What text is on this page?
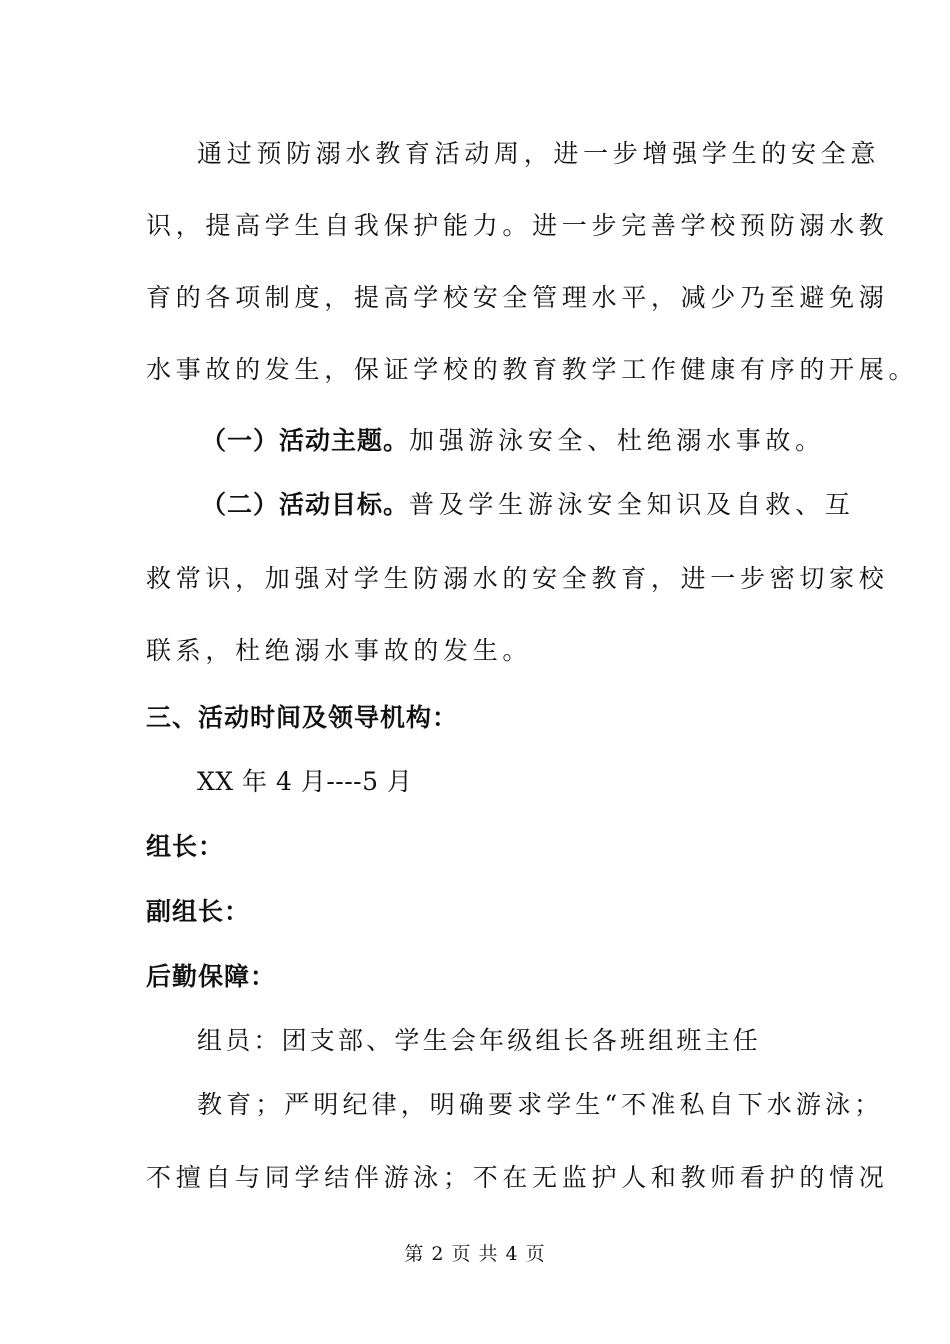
通过预防溺水教育活动周，进一步增强学生的安全意
识，提高学生自我保护能力。进一步完善学校预防溺水教
育的各项制度，提高学校安全管理水平，减少乃至避免溺
水事故的发生，保证学校的教育教学工作健康有序的开展。
（一）活动主题。加强游泳安全、杜绝溺水事故。
（二）活动目标。普及学生游泳安全知识及自救、互
救常识，加强对学生防溺水的安全教育，进一步密切家校
联系，杜绝溺水事故的发生。
三、活动时间及领导机构：
XX 年 4 月----5 月
组长：
副组长：
后勤保障：
组员：团支部、学生会年级组长各班组班主任
教育；严明纪律，明确要求学生“不准私自下水游泳；
不擅自与同学结伴游泳；不在无监护人和教师看护的情况
第 2 页 共 4 页
